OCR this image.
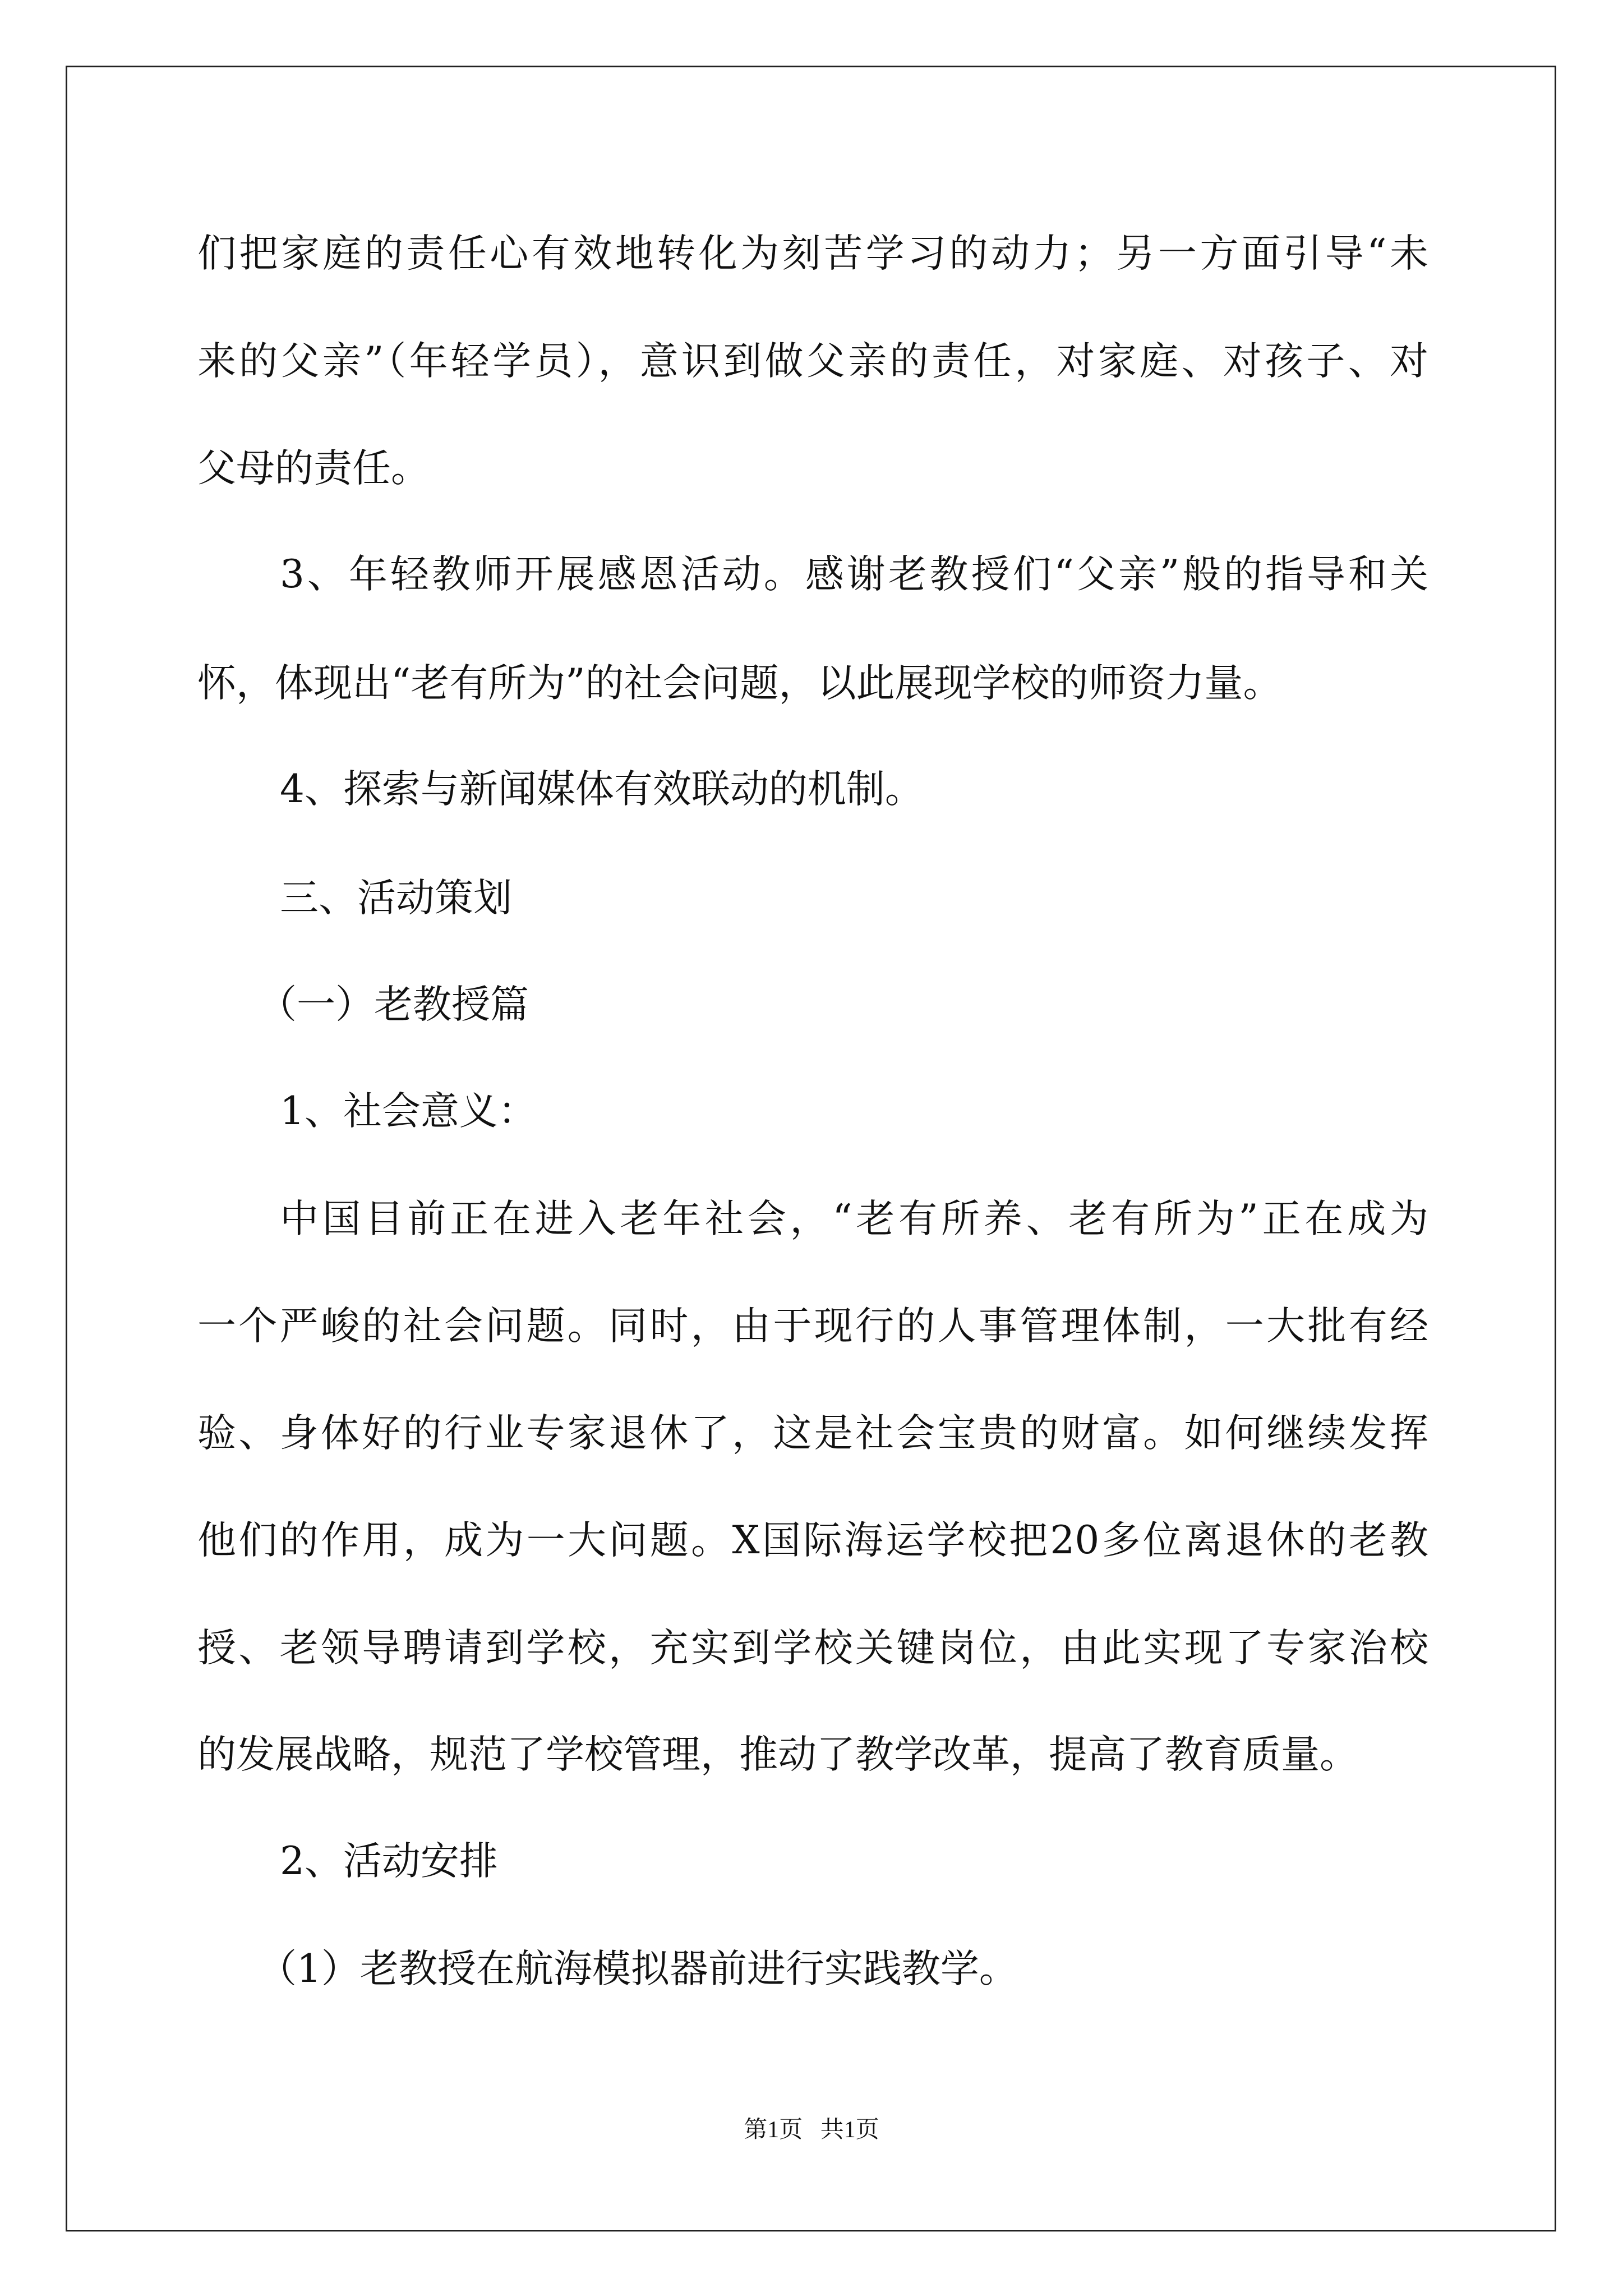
们把家庭的责任心有效地转化为刻苦学习的动力；另一方面引导“未
来的父亲”（年轻学员），意识到做父亲的责任，对家庭、对孩子、对
父母的责任。
3、年轻教师开展感恩活动。感谢老教授们“父亲”般的指导和关
怀，体现出“老有所为”的社会问题，以此展现学校的师资力量。
4、探索与新闻媒体有效联动的机制。
三、活动策划
（一）老教授篇
1、社会意义：
中国目前正在进入老年社会，“老有所养、老有所为”正在成为
一个严峻的社会问题。同时，由于现行的人事管理体制，一大批有经
验、身体好的行业专家退休了，这是社会宝贵的财富。如何继续发挥
他们的作用，成为一大问题。X国际海运学校把20多位离退休的老教
授、老领导聘请到学校，充实到学校关键岗位，由此实现了专家治校
的发展战略，规范了学校管理，推动了教学改革，提高了教育质量。
2、活动安排
（1）老教授在航海模拟器前进行实践教学。
第1页   共1页
